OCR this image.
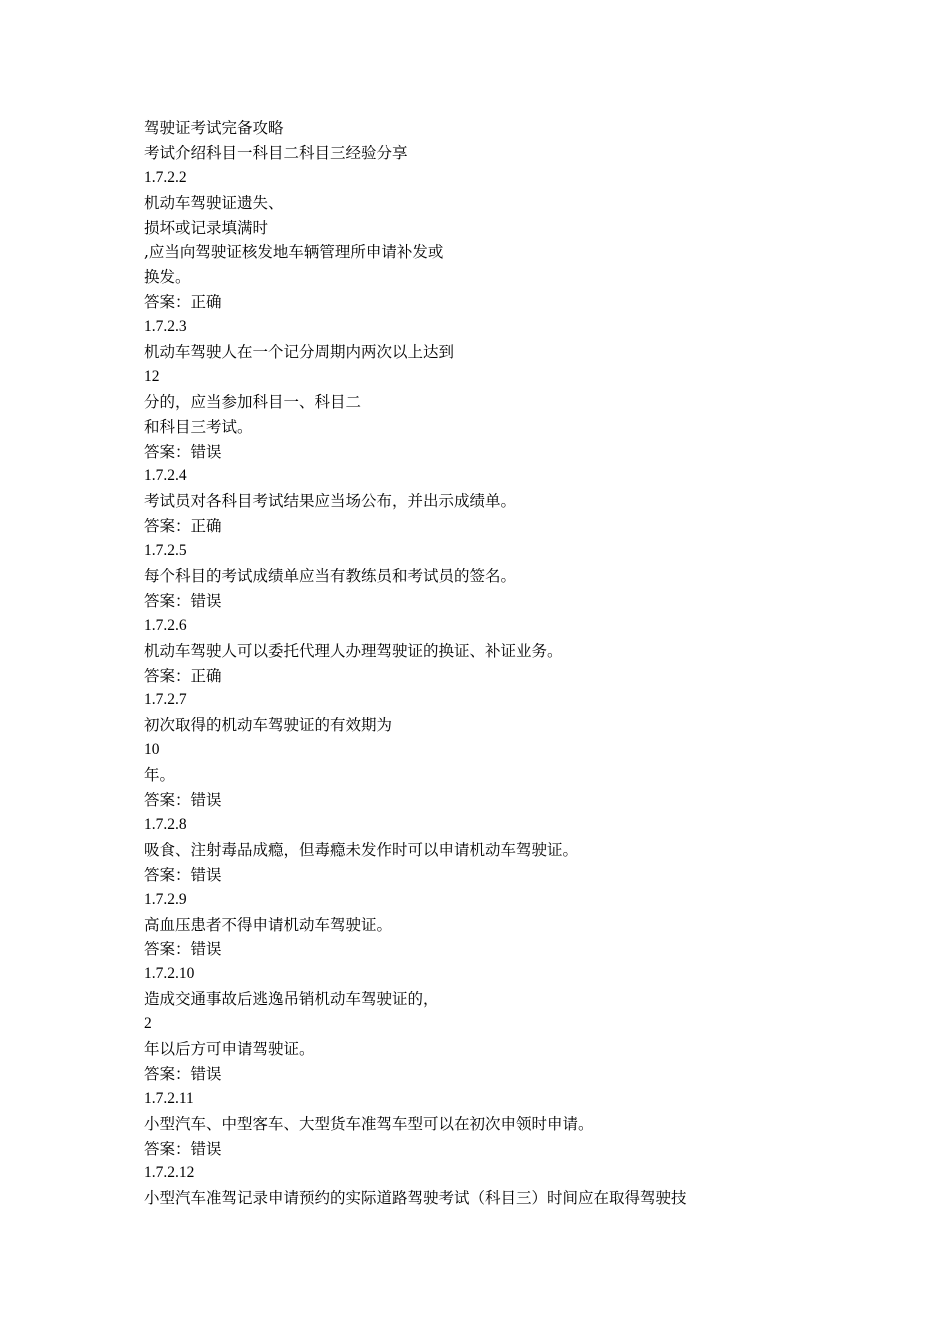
驾驶证考试完备攻略
考试介绍科目一科目二科目三经验分享
1.7.2.2
机动车驾驶证遗失、
损坏或记录填满时
,应当向驾驶证核发地车辆管理所申请补发或
换发。
答案：正确
1.7.2.3
机动车驾驶人在一个记分周期内两次以上达到
12
分的，应当参加科目一、科目二
和科目三考试。
答案：错误
1.7.2.4
考试员对各科目考试结果应当场公布，并出示成绩单。
答案：正确
1.7.2.5
每个科目的考试成绩单应当有教练员和考试员的签名。
答案：错误
1.7.2.6
机动车驾驶人可以委托代理人办理驾驶证的换证、补证业务。
答案：正确
1.7.2.7
初次取得的机动车驾驶证的有效期为
10
年。
答案：错误
1.7.2.8
吸食、注射毒品成瘾，但毒瘾未发作时可以申请机动车驾驶证。
答案：错误
1.7.2.9
高血压患者不得申请机动车驾驶证。
答案：错误
1.7.2.10
造成交通事故后逃逸吊销机动车驾驶证的，
2
年以后方可申请驾驶证。
答案：错误
1.7.2.11
小型汽车、中型客车、大型货车准驾车型可以在初次申领时申请。
答案：错误
1.7.2.12
小型汽车准驾记录申请预约的实际道路驾驶考试（科目三）时间应在取得驾驶技
